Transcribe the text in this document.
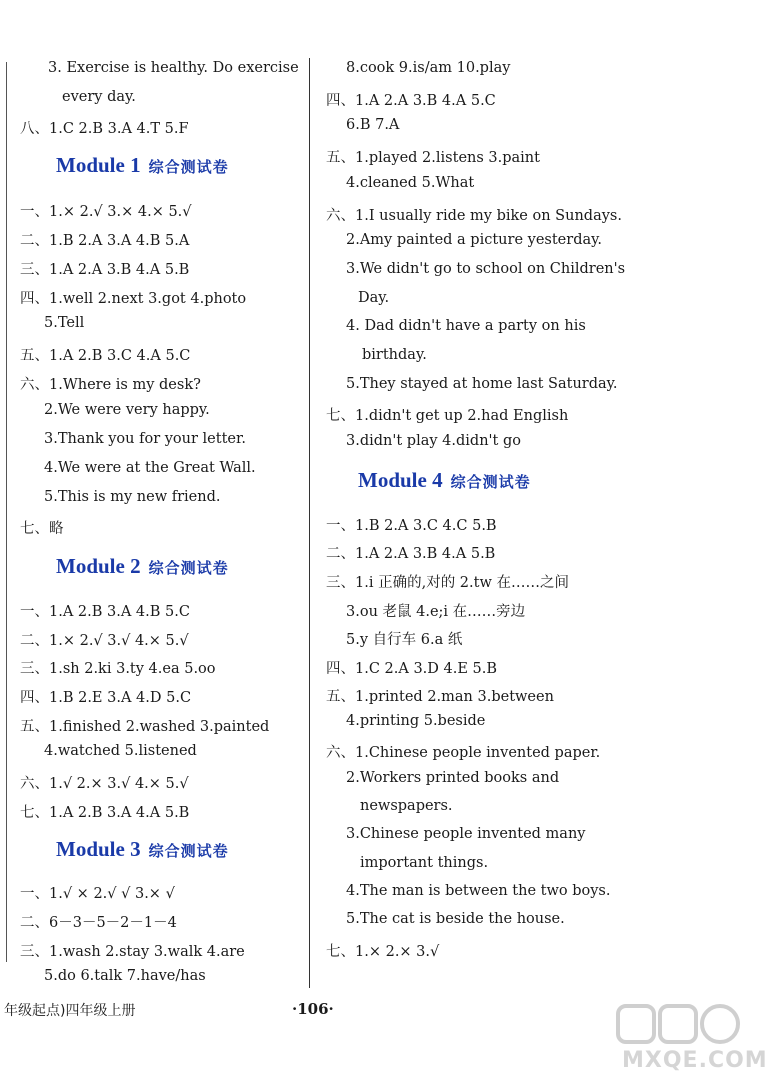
3. Exercise is healthy. Do exercise
every day.
八、1.C 2.B 3.A 4.T 5.F
Module 1 综合测试卷
一、1.× 2.√ 3.× 4.× 5.√
二、1.B 2.A 3.A 4.B 5.A
三、1.A 2.A 3.B 4.A 5.B
四、1.well 2.next 3.got 4.photo
5.Tell
五、1.A 2.B 3.C 4.A 5.C
六、1.Where is my desk?
2.We were very happy.
3.Thank you for your letter.
4.We were at the Great Wall.
5.This is my new friend.
七、略
Module 2 综合测试卷
一、1.A 2.B 3.A 4.B 5.C
二、1.× 2.√ 3.√ 4.× 5.√
三、1.sh 2.ki 3.ty 4.ea 5.oo
四、1.B 2.E 3.A 4.D 5.C
五、1.finished 2.washed 3.painted
4.watched 5.listened
六、1.√ 2.× 3.√ 4.× 5.√
七、1.A 2.B 3.A 4.A 5.B
Module 3 综合测试卷
一、1.√ × 2.√ √ 3.× √
二、6－3－5－2－1－4
三、1.wash 2.stay 3.walk 4.are
5.do 6.talk 7.have/has
8.cook 9.is/am 10.play
四、1.A 2.A 3.B 4.A 5.C
6.B 7.A
五、1.played 2.listens 3.paint
4.cleaned 5.What
六、1.I usually ride my bike on Sundays.
2.Amy painted a picture yesterday.
3.We didn't go to school on Children's
Day.
4. Dad didn't have a party on his
birthday.
5.They stayed at home last Saturday.
七、1.didn't get up 2.had English
3.didn't play 4.didn't go
Module 4 综合测试卷
一、1.B 2.A 3.C 4.C 5.B
二、1.A 2.A 3.B 4.A 5.B
三、1.i 正确的,对的 2.tw 在……之间
3.ou 老鼠 4.e;i 在……旁边
5.y 自行车 6.a 纸
四、1.C 2.A 3.D 4.E 5.B
五、1.printed 2.man 3.between
4.printing 5.beside
六、1.Chinese people invented paper.
2.Workers printed books and
newspapers.
3.Chinese people invented many
important things.
4.The man is between the two boys.
5.The cat is beside the house.
七、1.× 2.× 3.√
年级起点)四年级上册	·106·
MXQE.COM
